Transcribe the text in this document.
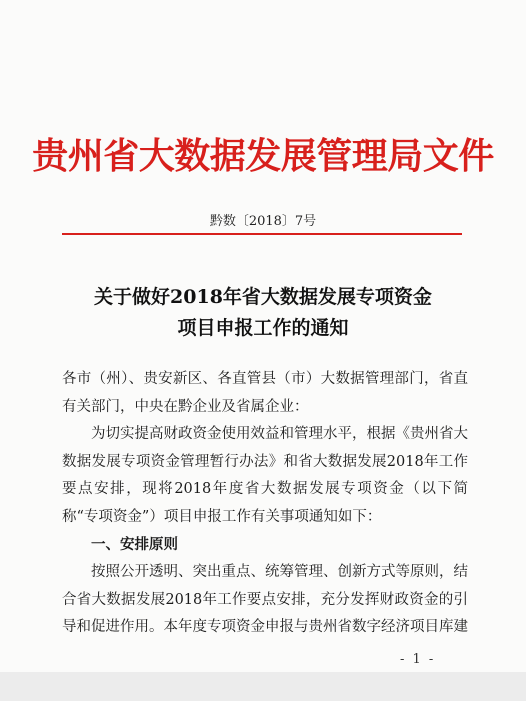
贵州省大数据发展管理局文件
黔数〔2018〕7号
关于做好2018年省大数据发展专项资金
项目申报工作的通知

各市（州）、贵安新区、各直管县（市）大数据管理部门，省直有关部门，中央在黔企业及省属企业：

为切实提高财政资金使用效益和管理水平，根据《贵州省大数据发展专项资金管理暂行办法》和省大数据发展2018年工作要点安排，现将2018年度省大数据发展专项资金（以下简称“专项资金”）项目申报工作有关事项通知如下：

一、安排原则

按照公开透明、突出重点、统筹管理、创新方式等原则，结合省大数据发展2018年工作要点安排，充分发挥财政资金的引导和促进作用。本年度专项资金申报与贵州省数字经济项目库建

- 1 -
